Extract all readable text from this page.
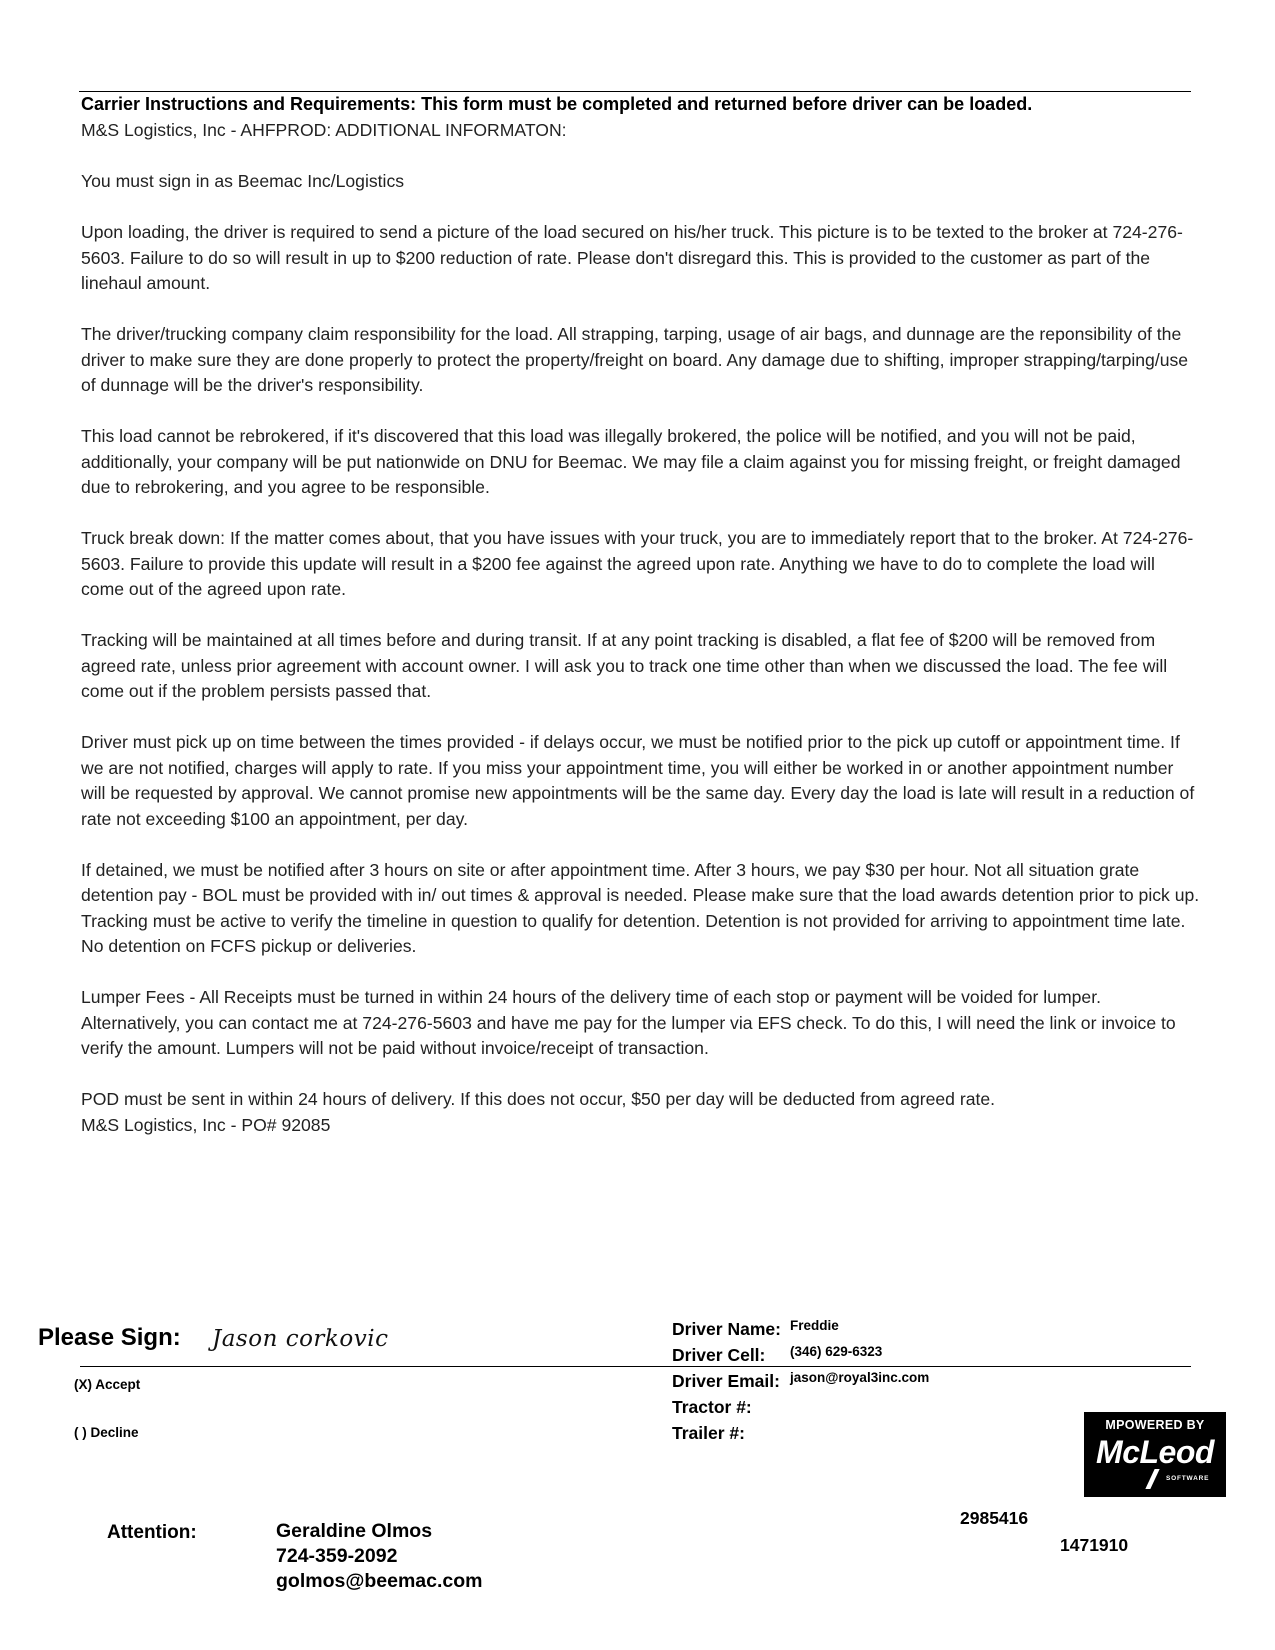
Carrier Instructions and Requirements: This form must be completed and returned before driver can be loaded.

M&S Logistics, Inc - AHFPROD: ADDITIONAL INFORMATON:

You must sign in as Beemac Inc/Logistics

Upon loading, the driver is required to send a picture of the load secured on his/her truck. This picture is to be texted to the broker at 724-276-5603. Failure to do so will result in up to $200 reduction of rate. Please don't disregard this. This is provided to the customer as part of the linehaul amount.

The driver/trucking company claim responsibility for the load. All strapping, tarping, usage of air bags, and dunnage are the reponsibility of the driver to make sure they are done properly to protect the property/freight on board. Any damage due to shifting, improper strapping/tarping/use of dunnage will be the driver's responsibility.

This load cannot be rebrokered, if it's discovered that this load was illegally brokered, the police will be notified, and you will not be paid, additionally, your company will be put nationwide on DNU for Beemac. We may file a claim against you for missing freight, or freight damaged due to rebrokering, and you agree to be responsible.

Truck break down: If the matter comes about, that you have issues with your truck, you are to immediately report that to the broker. At 724-276-5603. Failure to provide this update will result in a $200 fee against the agreed upon rate. Anything we have to do to complete the load will come out of the agreed upon rate.

Tracking will be maintained at all times before and during transit. If at any point tracking is disabled, a flat fee of $200 will be removed from agreed rate, unless prior agreement with account owner. I will ask you to track one time other than when we discussed the load. The fee will come out if the problem persists passed that.

Driver must pick up on time between the times provided - if delays occur, we must be notified prior to the pick up cutoff or appointment time. If we are not notified, charges will apply to rate. If you miss your appointment time, you will either be worked in or another appointment number will be requested by approval. We cannot promise new appointments will be the same day. Every day the load is late will result in a reduction of rate not exceeding $100 an appointment, per day.

If detained, we must be notified after 3 hours on site or after appointment time. After 3 hours, we pay $30 per hour. Not all situation grate detention pay - BOL must be provided with in/ out times & approval is needed. Please make sure that the load awards detention prior to pick up. Tracking must be active to verify the timeline in question to qualify for detention. Detention is not provided for arriving to appointment time late. No detention on FCFS pickup or deliveries.

Lumper Fees - All Receipts must be turned in within 24 hours of the delivery time of each stop or payment will be voided for lumper. Alternatively, you can contact me at 724-276-5603 and have me pay for the lumper via EFS check. To do this, I will need the link or invoice to verify the amount. Lumpers will not be paid without invoice/receipt of transaction.

POD must be sent in within 24 hours of delivery. If this does not occur, $50 per day will be deducted from agreed rate.

M&S Logistics, Inc - PO# 92085

Please Sign: Jason corkovic
(X) Accept
( ) Decline
Driver Name: Freddie
Driver Cell: (346) 629-6323
Driver Email: jason@royal3inc.com
Tractor #:
Trailer #:	MPOWERED BY
McLeod
SOFTWARE
Attention:	Geraldine Olmos
724-359-2092
golmos@beemac.com
2985416
1471910
